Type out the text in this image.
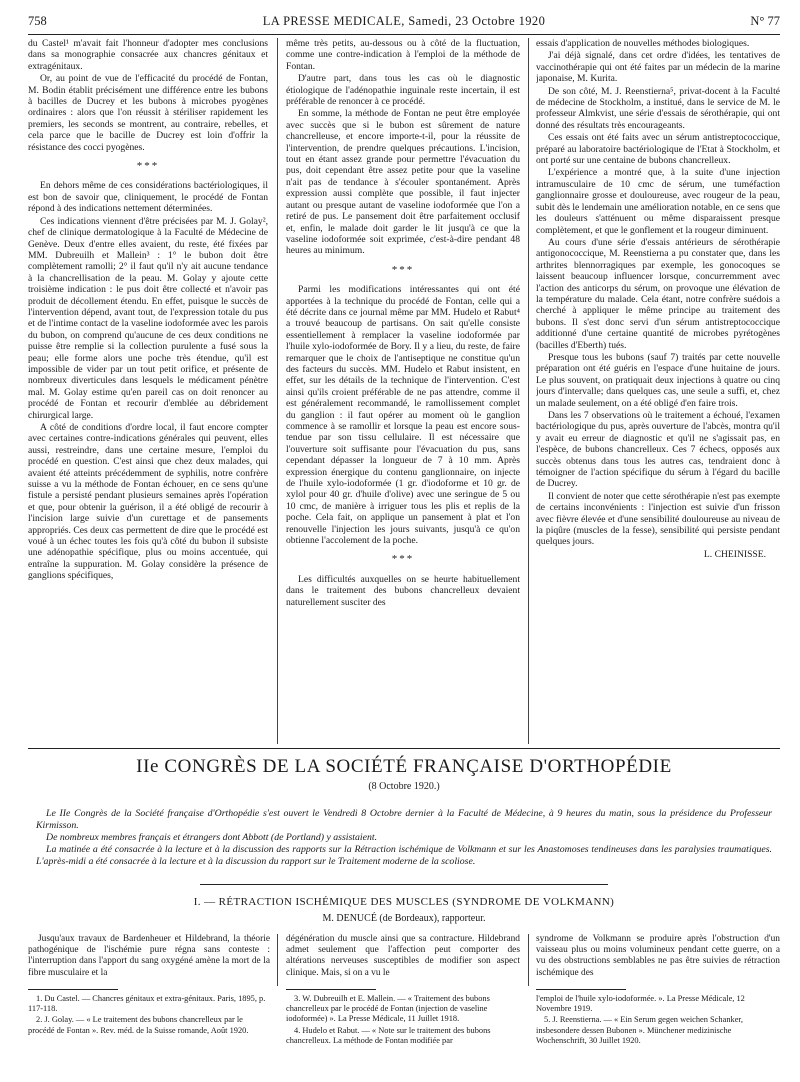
758	LA PRESSE MEDICALE, Samedi, 23 Octobre 1920	N° 77

du Castel¹ m'avait fait l'honneur d'adopter mes conclusions dans sa monographie consacrée aux chancres génitaux et extragénitaux.

Or, au point de vue de l'efficacité du procédé de Fontan, M. Bodin établit précisément une différence entre les bubons à bacilles de Ducrey et les bubons à microbes pyogènes ordinaires : alors que l'on réussit à stériliser rapidement les premiers, les seconds se montrent, au contraire, rebelles, et cela parce que le bacille de Ducrey est loin d'offrir la résistance des cocci pyogènes.

***

En dehors même de ces considérations bactériologiques, il est bon de savoir que, cliniquement, le procédé de Fontan répond à des indications nettement déterminées.

Ces indications viennent d'être précisées par M. J. Golay², chef de clinique dermatologique à la Faculté de Médecine de Genève. Deux d'entre elles avaient, du reste, été fixées par MM. Dubreuilh et Mallein³ : 1° le bubon doit être complètement ramolli; 2° il faut qu'il n'y ait aucune tendance à la chancrellisation de la peau. M. Golay y ajoute cette troisième indication : le pus doit être collecté et n'avoir pas produit de décollement étendu. En effet, puisque le succès de l'intervention dépend, avant tout, de l'expression totale du pus et de l'intime contact de la vaseline iodoformée avec les parois du bubon, on comprend qu'aucune de ces deux conditions ne puisse être remplie si la collection purulente a fusé sous la peau; elle forme alors une poche très étendue, qu'il est impossible de vider par un tout petit orifice, et présente de nombreux diverticules dans lesquels le médicament pénètre mal. M. Golay estime qu'en pareil cas on doit renoncer au procédé de Fontan et recourir d'emblée au débridement chirurgical large.

A côté de conditions d'ordre local, il faut encore compter avec certaines contre-indications générales qui peuvent, elles aussi, restreindre, dans une certaine mesure, l'emploi du procédé en question. C'est ainsi que chez deux malades, qui avaient été atteints précédemment de syphilis, notre confrère suisse a vu la méthode de Fontan échouer, en ce sens qu'une fistule a persisté pendant plusieurs semaines après l'opération et que, pour obtenir la guérison, il a été obligé de recourir à l'incision large suivie d'un curettage et de pansements appropriés. Ces deux cas permettent de dire que le procédé est voué à un échec toutes les fois qu'à côté du bubon il subsiste une adénopathie spécifique, plus ou moins accentuée, qui entraîne la suppuration. M. Golay considère la présence de ganglions spécifiques,

même très petits, au-dessous ou à côté de la fluctuation, comme une contre-indication à l'emploi de la méthode de Fontan.

D'autre part, dans tous les cas où le diagnostic étiologique de l'adénopathie inguinale reste incertain, il est préférable de renoncer à ce procédé.

En somme, la méthode de Fontan ne peut être employée avec succès que si le bubon est sûrement de nature chancrelleuse, et encore importe-t-il, pour la réussite de l'intervention, de prendre quelques précautions. L'incision, tout en étant assez grande pour permettre l'évacuation du pus, doit cependant être assez petite pour que la vaseline n'ait pas de tendance à s'écouler spontanément. Après expression aussi complète que possible, il faut injecter autant ou presque autant de vaseline iodoformée que l'on a retiré de pus. Le pansement doit être parfaitement occlusif et, enfin, le malade doit garder le lit jusqu'à ce que la vaseline iodoformée soit exprimée, c'est-à-dire pendant 48 heures au minimum.

***

Parmi les modifications intéressantes qui ont été apportées à la technique du procédé de Fontan, celle qui a été décrite dans ce journal même par MM. Hudelo et Rabut⁴ a trouvé beaucoup de partisans. On sait qu'elle consiste essentiellement à remplacer la vaseline iodoformée par l'huile xylo-iodoformée de Bory. Il y a lieu, du reste, de faire remarquer que le choix de l'antiseptique ne constitue qu'un des facteurs du succès. MM. Hudelo et Rabut insistent, en effet, sur les détails de la technique de l'intervention. C'est ainsi qu'ils croient préférable de ne pas attendre, comme il est généralement recommandé, le ramollissement complet du ganglion : il faut opérer au moment où le ganglion commence à se ramollir et lorsque la peau est encore sous-tendue par son tissu cellulaire. Il est nécessaire que l'ouverture soit suffisante pour l'évacuation du pus, sans cependant dépasser la longueur de 7 à 10 mm. Après expression énergique du contenu ganglionnaire, on injecte de l'huile xylo-iodoformée (1 gr. d'iodoforme et 10 gr. de xylol pour 40 gr. d'huile d'olive) avec une seringue de 5 ou 10 cmc, de manière à irriguer tous les plis et replis de la poche. Cela fait, on applique un pansement à plat et l'on renouvelle l'injection les jours suivants, jusqu'à ce qu'on obtienne l'accolement de la poche.

***

Les difficultés auxquelles on se heurte habituellement dans le traitement des bubons chancrelleux devaient naturellement susciter des

essais d'application de nouvelles méthodes biologiques.

J'ai déjà signalé, dans cet ordre d'idées, les tentatives de vaccinothérapie qui ont été faites par un médecin de la marine japonaise, M. Kurita.

De son côté, M. J. Reenstierna⁵, privat-docent à la Faculté de médecine de Stockholm, a institué, dans le service de M. le professeur Almkvist, une série d'essais de sérothérapie, qui ont donné des résultats très encourageants.

Ces essais ont été faits avec un sérum antistreptococcique, préparé au laboratoire bactériologique de l'Etat à Stockholm, et ont porté sur une centaine de bubons chancrelleux.

L'expérience a montré que, à la suite d'une injection intramusculaire de 10 cmc de sérum, une tuméfaction ganglionnaire grosse et douloureuse, avec rougeur de la peau, subit dès le lendemain une amélioration notable, en ce sens que les douleurs s'atténuent ou même disparaissent presque complètement, et que le gonflement et la rougeur diminuent.

Au cours d'une série d'essais antérieurs de sérothérapie antigonococcique, M. Reenstierna a pu constater que, dans les arthrites blennorragiques par exemple, les gonocoques se laissent beaucoup influencer lorsque, concurremment avec l'action des anticorps du sérum, on provoque une élévation de la température du malade. Cela étant, notre confrère suédois a cherché à appliquer le même principe au traitement des bubons. Il s'est donc servi d'un sérum antistreptococcique additionné d'une certaine quantité de microbes pyrétogènes (bacilles d'Eberth) tués.

Presque tous les bubons (sauf 7) traités par cette nouvelle préparation ont été guéris en l'espace d'une huitaine de jours. Le plus souvent, on pratiquait deux injections à quatre ou cinq jours d'intervalle; dans quelques cas, une seule a suffi, et, chez un malade seulement, on a été obligé d'en faire trois.

Dans les 7 observations où le traitement a échoué, l'examen bactériologique du pus, après ouverture de l'abcès, montra qu'il y avait eu erreur de diagnostic et qu'il ne s'agissait pas, en l'espèce, de bubons chancrelleux. Ces 7 échecs, opposés aux succès obtenus dans tous les autres cas, tendraient donc à témoigner de l'action spécifique du sérum à l'égard du bacille de Ducrey.

Il convient de noter que cette sérothérapie n'est pas exempte de certains inconvénients : l'injection est suivie d'un frisson avec fièvre élevée et d'une sensibilité douloureuse au niveau de la piqûre (muscles de la fesse), sensibilité qui persiste pendant quelques jours.

L. CHEINISSE.

IIe CONGRÈS DE LA SOCIÉTÉ FRANÇAISE D'ORTHOPÉDIE
(8 Octobre 1920.)

Le IIe Congrès de la Société française d'Orthopédie s'est ouvert le Vendredi 8 Octobre dernier à la Faculté de Médecine, à 9 heures du matin, sous la présidence du Professeur Kirmisson.

De nombreux membres français et étrangers dont Abbott (de Portland) y assistaient.

La matinée a été consacrée à la lecture et à la discussion des rapports sur la Rétraction ischémique de Volkmann et sur les Anastomoses tendineuses dans les paralysies traumatiques. L'après-midi a été consacrée à la lecture et à la discussion du rapport sur le Traitement moderne de la scoliose.

I. — RÉTRACTION ISCHÉMIQUE DES MUSCLES (SYNDROME DE VOLKMANN)
M. DENUCÉ (de Bordeaux), rapporteur.

Jusqu'aux travaux de Bardenheuer et Hildebrand, la théorie pathogénique de l'ischémie pure régna sans conteste : l'interruption dans l'apport du sang oxygéné amène la mort de la fibre musculaire et la

dégénération du muscle ainsi que sa contracture. Hildebrand admet seulement que l'affection peut comporter des altérations nerveuses susceptibles de modifier son aspect clinique. Mais, si on a vu le

syndrome de Volkmann se produire après l'obstruction d'un vaisseau plus ou moins volumineux pendant cette guerre, on a vu des obstructions semblables ne pas être suivies de rétraction ischémique des

1. Du Castel. — Chancres génitaux et extra-génitaux. Paris, 1895, p. 117-118.

2. J. Golay. — « Le traitement des bubons chancrelleux par le procédé de Fontan ». Rev. méd. de la Suisse romande, Août 1920.

3. W. Dubreuilh et E. Mallein. — « Traitement des bubons chancrelleux par le procédé de Fontan (injection de vaseline iodoformée) ». La Presse Médicale, 11 Juillet 1918.

4. Hudelo et Rabut. — « Note sur le traitement des bubons chancrelleux. La méthode de Fontan modifiée par

l'emploi de l'huile xylo-iodoformée. ». La Presse Médicale, 12 Novembre 1919.

5. J. Reenstierna. — « Ein Serum gegen weichen Schanker, insbesondere dessen Bubonen ». Münchener medizinische Wochenschrift, 30 Juillet 1920.
